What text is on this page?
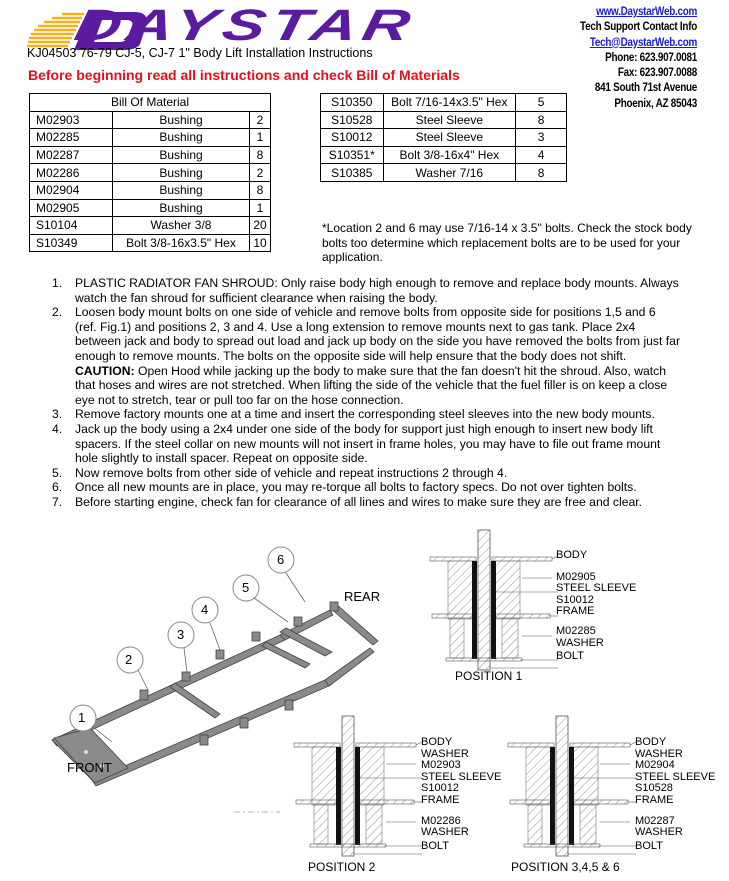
DAYSTAR
KJ04503 76-79 CJ-5, CJ-7 1" Body Lift Installation Instructions
Before beginning read all instructions and check Bill of Materials
www.DaystarWeb.com
Tech Support Contact Info
Tech@DaystarWeb.com
Phone: 623.907.0081
Fax: 623.907.0088
841 South 71st Avenue
Phoenix, AZ 85043
Bill Of Material		
M02903	Bushing	2
M02285	Bushing	1
M02287	Bushing	8
M02286	Bushing	2
M02904	Bushing	8
M02905	Bushing	1
S10104	Washer 3/8	20
S10349	Bolt 3/8-16x3.5" Hex	10
S10350	Bolt 7/16-14x3.5" Hex	5
S10528	Steel Sleeve	8
S10012	Steel Sleeve	3
S10351*	Bolt 3/8-16x4" Hex	4
S10385	Washer 7/16	8
*Location 2 and 6 may use 7/16-14 x 3.5" bolts. Check the stock body bolts too determine which replacement bolts are to be used for your application.
1. PLASTIC RADIATOR FAN SHROUD: Only raise body high enough to remove and replace body mounts. Always watch the fan shroud for sufficient clearance when raising the body.
2. Loosen body mount bolts on one side of vehicle and remove bolts from opposite side for positions 1,5 and 6 (ref. Fig.1) and positions 2, 3 and 4. Use a long extension to remove mounts next to gas tank. Place 2x4 between jack and body to spread out load and jack up body on the side you have removed the bolts from just far enough to remove mounts. The bolts on the opposite side will help ensure that the body does not shift. CAUTION: Open Hood while jacking up the body to make sure that the fan doesn't hit the shroud. Also, watch that hoses and wires are not stretched. When lifting the side of the vehicle that the fuel filler is on keep a close eye not to stretch, tear or pull too far on the hose connection.
3. Remove factory mounts one at a time and insert the corresponding steel sleeves into the new body mounts.
4. Jack up the body using a 2x4 under one side of the body for support just high enough to insert new body lift spacers. If the steel collar on new mounts will not insert in frame holes, you may have to file out frame mount hole slightly to install spacer. Repeat on opposite side.
5. Now remove bolts from other side of vehicle and repeat instructions 2 through 4.
6. Once all new mounts are in place, you may re-torque all bolts to factory specs. Do not over tighten bolts.
7. Before starting engine, check fan for clearance of all lines and wires to make sure they are free and clear.
1
2
3
4
5
6
REAR
FRONT
BODY
M02905
STEEL SLEEVE
S10012
FRAME
M02285
WASHER
BOLT
POSITION 1
BODY
WASHER
M02903
STEEL SLEEVE
S10012
FRAME
M02286
WASHER
BOLT
POSITION 2
BODY
WASHER
M02904
STEEL SLEEVE
S10528
FRAME
M02287
WASHER
BOLT
POSITION 3,4,5 & 6
